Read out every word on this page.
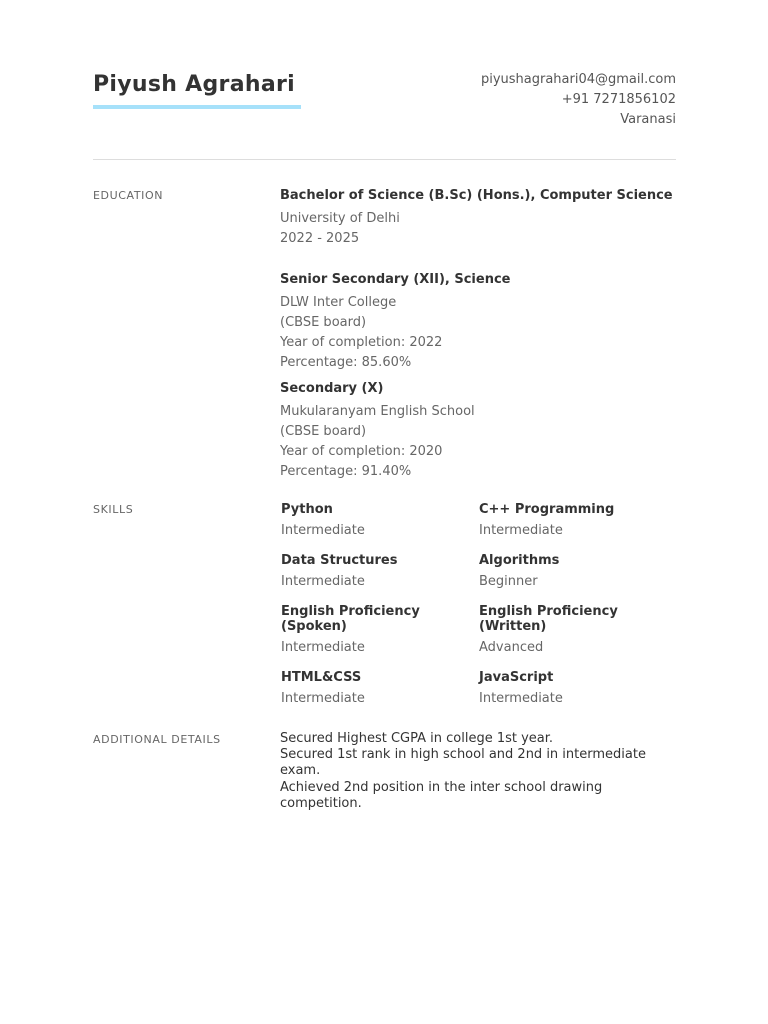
Piyush Agrahari	piyushagrahari04@gmail.com
+91 7271856102
Varanasi
EDUCATION	Bachelor of Science (B.Sc) (Hons.), Computer Science
University of Delhi
2022 - 2025
Senior Secondary (XII), Science
DLW Inter College
(CBSE board)
Year of completion: 2022
Percentage: 85.60%
Secondary (X)
Mukularanyam English School
(CBSE board)
Year of completion: 2020
Percentage: 91.40%
SKILLS	Python
Intermediate
C++ Programming
Intermediate
Data Structures
Intermediate
Algorithms
Beginner
English Proficiency (Spoken)
Intermediate
English Proficiency (Written)
Advanced
HTML&CSS
Intermediate
JavaScript
Intermediate
ADDITIONAL DETAILS	Secured Highest CGPA in college 1st year.
Secured 1st rank in high school and 2nd in intermediate exam.
Achieved 2nd position in the inter school drawing competition.
